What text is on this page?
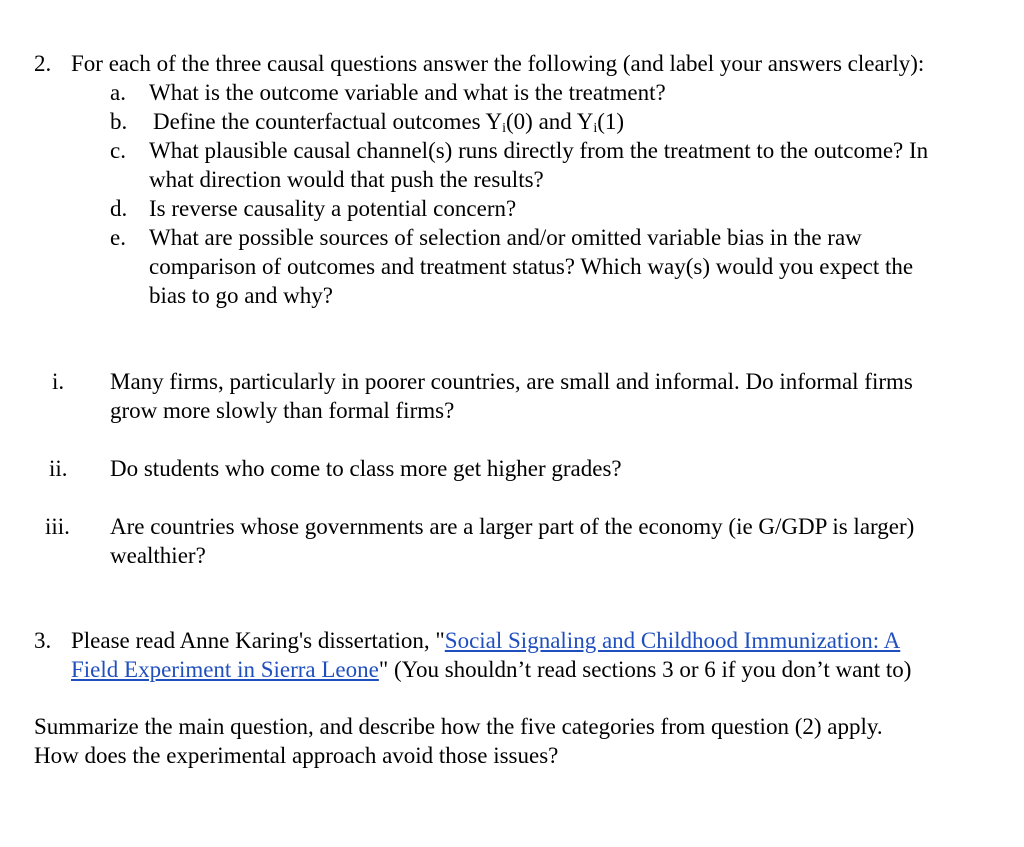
2. For each of the three causal questions answer the following (and label your answers clearly):
a. What is the outcome variable and what is the treatment?
b. Define the counterfactual outcomes $Y_i(0)$ and $Y_i(1)$
c. What plausible causal channel(s) runs directly from the treatment to the outcome? In
what direction would that push the results?
d. Is reverse causality a potential concern?
e. What are possible sources of selection and/or omitted variable bias in the raw
comparison of outcomes and treatment status? Which way(s) would you expect the
bias to go and why?
i. Many firms, particularly in poorer countries, are small and informal. Do informal firms
grow more slowly than formal firms?
ii. Do students who come to class more get higher grades?
iii. Are countries whose governments are a larger part of the economy (ie G/GDP is larger)
wealthier?
3. Please read Anne Karing's dissertation, "Social Signaling and Childhood Immunization: A
Field Experiment in Sierra Leone" (You shouldn’t read sections 3 or 6 if you don’t want to)
Summarize the main question, and describe how the five categories from question (2) apply.
How does the experimental approach avoid those issues?
